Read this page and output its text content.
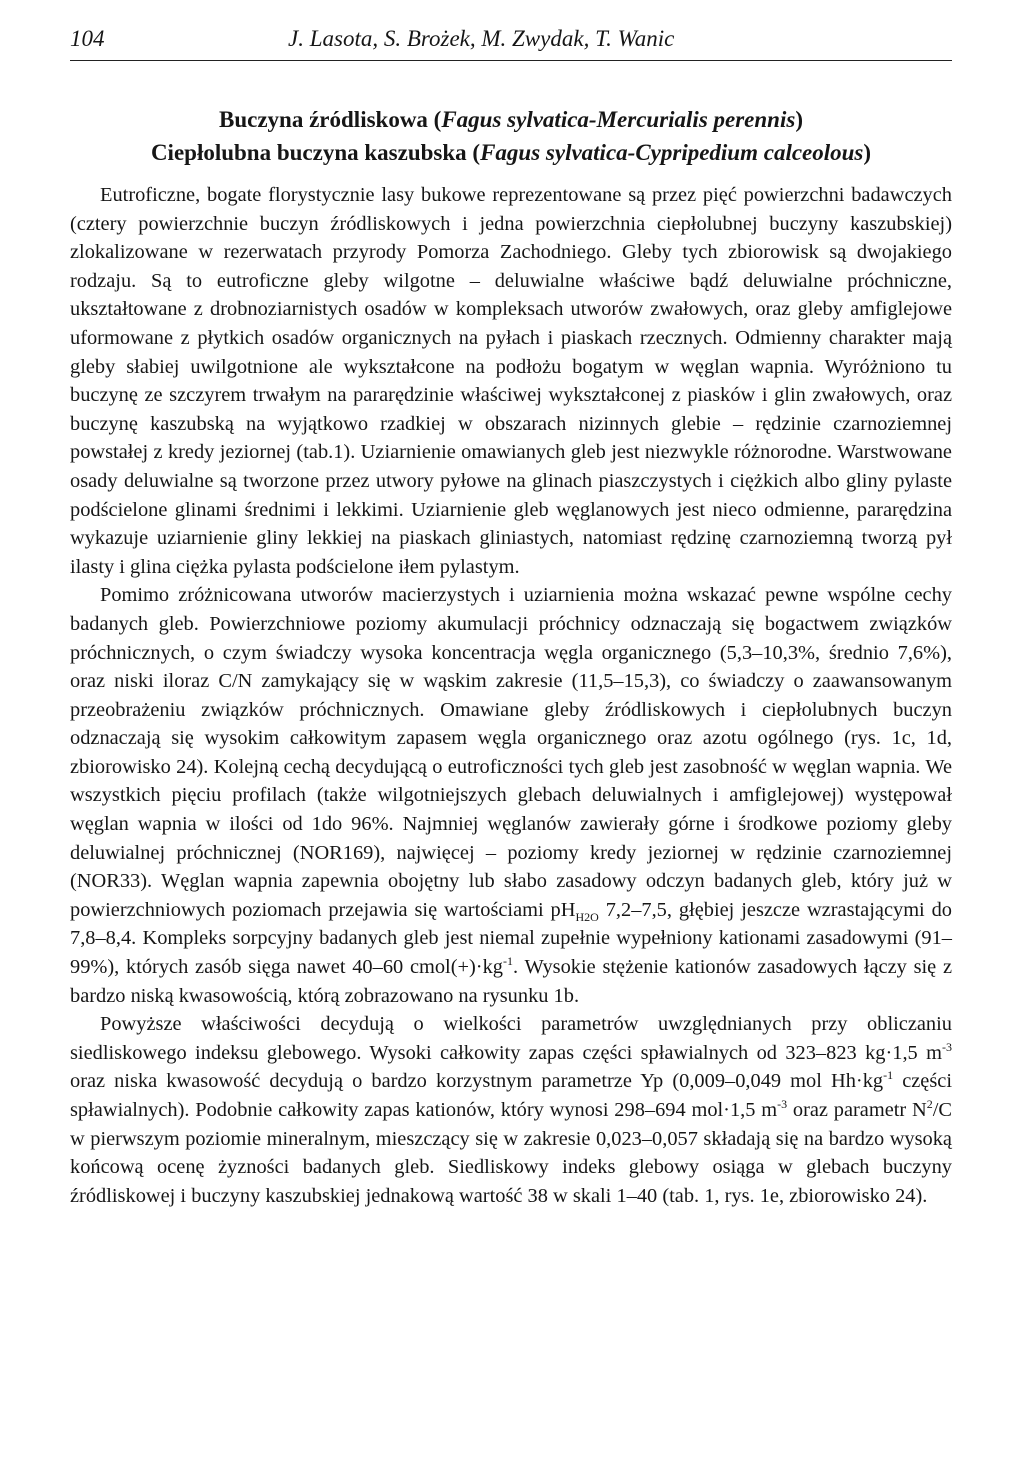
104	J. Lasota, S. Brożek, M. Zwydak, T. Wanic
Buczyna źródliskowa (Fagus sylvatica-Mercurialis perennis)
Ciepłolubna buczyna kaszubska (Fagus sylvatica-Cypripedium calceolous)

Eutroficzne, bogate florystycznie lasy bukowe reprezentowane są przez pięć powierzchni badawczych (cztery powierzchnie buczyn źródliskowych i jedna powierzchnia ciepłolubnej buczyny kaszubskiej) zlokalizowane w rezerwatach przyrody Pomorza Zachodniego. Gleby tych zbiorowisk są dwojakiego rodzaju. Są to eutroficzne gleby wilgotne – deluwialne właściwe bądź deluwialne próchniczne, ukształtowane z drobnoziarnistych osadów w kompleksach utworów zwałowych, oraz gleby amfiglejowe uformowane z płytkich osadów organicznych na pyłach i piaskach rzecznych. Odmienny charakter mają gleby słabiej uwilgotnione ale wykształcone na podłożu bogatym w węglan wapnia. Wyróżniono tu buczynę ze szczyrem trwałym na pararędzinie właściwej wykształconej z piasków i glin zwałowych, oraz buczynę kaszubską na wyjątkowo rzadkiej w obszarach nizinnych glebie – rędzinie czarnoziemnej powstałej z kredy jeziornej (tab.1). Uziarnienie omawianych gleb jest niezwykle różnorodne. Warstwowane osady deluwialne są tworzone przez utwory pyłowe na glinach piaszczystych i ciężkich albo gliny pylaste podścielone glinami średnimi i lekkimi. Uziarnienie gleb węglanowych jest nieco odmienne, pararędzina wykazuje uziarnienie gliny lekkiej na piaskach gliniastych, natomiast rędzinę czarnoziemną tworzą pył ilasty i glina ciężka pylasta podścielone iłem pylastym.

Pomimo zróżnicowana utworów macierzystych i uziarnienia można wskazać pewne wspólne cechy badanych gleb. Powierzchniowe poziomy akumulacji próchnicy odznaczają się bogactwem związków próchnicznych, o czym świadczy wysoka koncentracja węgla organicznego (5,3–10,3%, średnio 7,6%), oraz niski iloraz C/N zamykający się w wąskim zakresie (11,5–15,3), co świadczy o zaawansowanym przeobrażeniu związków próchnicznych. Omawiane gleby źródliskowych i ciepłolubnych buczyn odznaczają się wysokim całkowitym zapasem węgla organicznego oraz azotu ogólnego (rys. 1c, 1d, zbiorowisko 24). Kolejną cechą decydującą o eutroficzności tych gleb jest zasobność w węglan wapnia. We wszystkich pięciu profilach (także wilgotniejszych glebach deluwialnych i amfiglejowej) występował węglan wapnia w ilości od 1do 96%. Najmniej węglanów zawierały górne i środkowe poziomy gleby deluwialnej próchnicznej (NOR169), najwięcej – poziomy kredy jeziornej w rędzinie czarnoziemnej (NOR33). Węglan wapnia zapewnia obojętny lub słabo zasadowy odczyn badanych gleb, który już w powierzchniowych poziomach przejawia się wartościami $pH_{H2O}$ 7,2–7,5, głębiej jeszcze wzrastającymi do 7,8–8,4. Kompleks sorpcyjny badanych gleb jest niemal zupełnie wypełniony kationami zasadowymi (91–99%), których zasób sięga nawet 40–60 $cmol(+)\cdot kg^{-1}$. Wysokie stężenie kationów zasadowych łączy się z bardzo niską kwasowością, którą zobrazowano na rysunku 1b.

Powyższe właściwości decydują o wielkości parametrów uwzględnianych przy obliczaniu siedliskowego indeksu glebowego. Wysoki całkowity zapas części spławialnych od 323–823 kg·1,5 $m^{-3}$ oraz niska kwasowość decydują o bardzo korzystnym parametrze Yp (0,009–0,049 mol $Hh\cdot kg^{-1}$ części spławialnych). Podobnie całkowity zapas kationów, który wynosi 298–694 mol·1,5 $m^{-3}$ oraz parametr $N^2/C$ w pierwszym poziomie mineralnym, mieszczący się w zakresie 0,023–0,057 składają się na bardzo wysoką końcową ocenę żyzności badanych gleb. Siedliskowy indeks glebowy osiąga w glebach buczyny źródliskowej i buczyny kaszubskiej jednakową wartość 38 w skali 1–40 (tab. 1, rys. 1e, zbiorowisko 24).
